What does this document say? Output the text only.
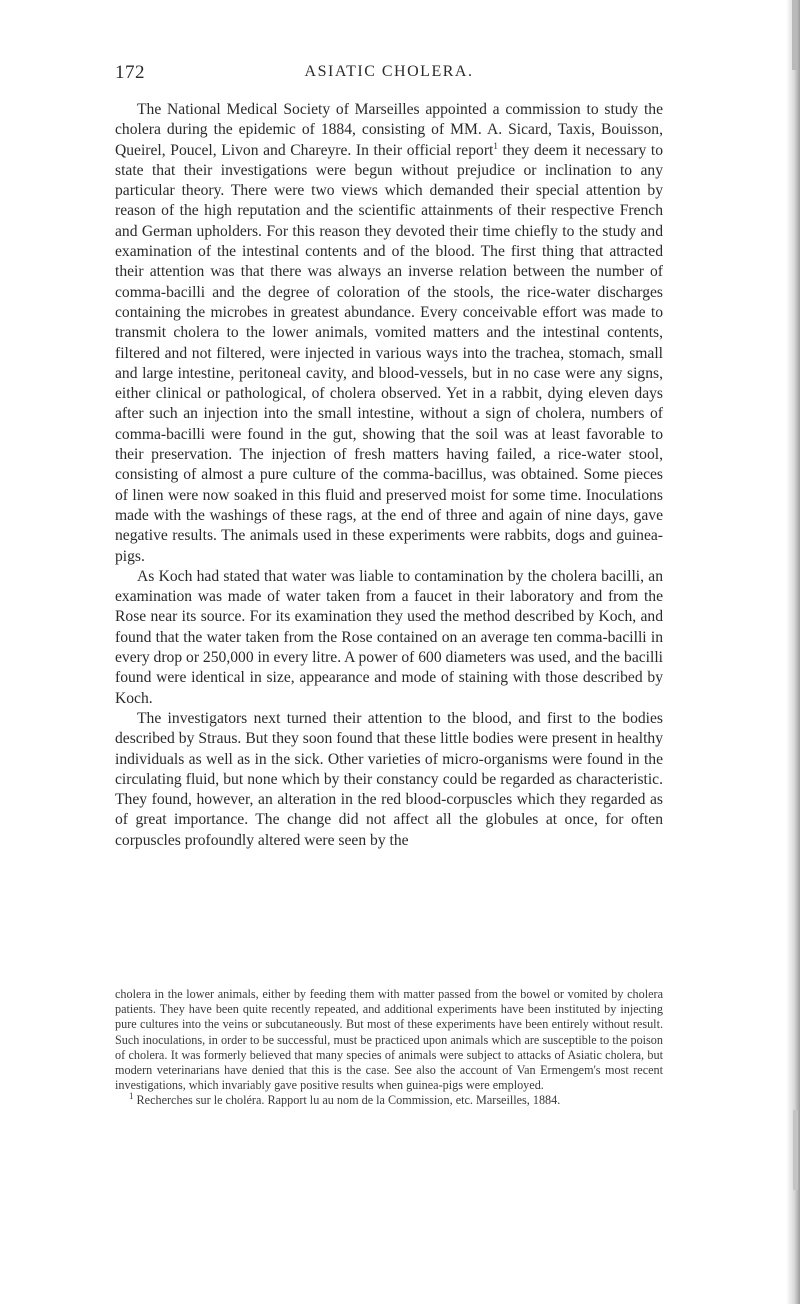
172	ASIATIC CHOLERA.

The National Medical Society of Marseilles appointed a commission to study the cholera during the epidemic of 1884, consisting of MM. A. Sicard, Taxis, Bouisson, Queirel, Poucel, Livon and Chareyre. In their official report$^1$ they deem it necessary to state that their investigations were begun without prejudice or inclination to any particular theory. There were two views which demanded their special attention by reason of the high reputation and the scientific attainments of their respective French and German upholders. For this reason they devoted their time chiefly to the study and examination of the intestinal contents and of the blood. The first thing that attracted their attention was that there was always an inverse relation between the number of comma-bacilli and the degree of coloration of the stools, the rice-water discharges containing the microbes in greatest abundance. Every conceivable effort was made to transmit cholera to the lower animals, vomited matters and the intestinal contents, filtered and not filtered, were injected in various ways into the trachea, stomach, small and large intestine, peritoneal cavity, and blood-vessels, but in no case were any signs, either clinical or pathological, of cholera observed. Yet in a rabbit, dying eleven days after such an injection into the small intestine, without a sign of cholera, numbers of comma-bacilli were found in the gut, showing that the soil was at least favorable to their preservation. The injection of fresh matters having failed, a rice-water stool, consisting of almost a pure culture of the comma-bacillus, was obtained. Some pieces of linen were now soaked in this fluid and preserved moist for some time. Inoculations made with the washings of these rags, at the end of three and again of nine days, gave negative results. The animals used in these experiments were rabbits, dogs and guinea-pigs.

As Koch had stated that water was liable to contamination by the cholera bacilli, an examination was made of water taken from a faucet in their laboratory and from the Rose near its source. For its examination they used the method described by Koch, and found that the water taken from the Rose contained on an average ten comma-bacilli in every drop or 250,000 in every litre. A power of 600 diameters was used, and the bacilli found were identical in size, appearance and mode of staining with those described by Koch.

The investigators next turned their attention to the blood, and first to the bodies described by Straus. But they soon found that these little bodies were present in healthy individuals as well as in the sick. Other varieties of micro-organisms were found in the circulating fluid, but none which by their constancy could be regarded as characteristic. They found, however, an alteration in the red blood-corpuscles which they regarded as of great importance. The change did not affect all the globules at once, for often corpuscles profoundly altered were seen by the

cholera in the lower animals, either by feeding them with matter passed from the bowel or vomited by cholera patients. They have been quite recently repeated, and additional experiments have been instituted by injecting pure cultures into the veins or subcutaneously. But most of these experiments have been entirely without result. Such inoculations, in order to be successful, must be practiced upon animals which are susceptible to the poison of cholera. It was formerly believed that many species of animals were subject to attacks of Asiatic cholera, but modern veterinarians have denied that this is the case. See also the account of Van Ermengem's most recent investigations, which invariably gave positive results when guinea-pigs were employed.

$^1$ Recherches sur le choléra. Rapport lu au nom de la Commission, etc. Marseilles, 1884.
